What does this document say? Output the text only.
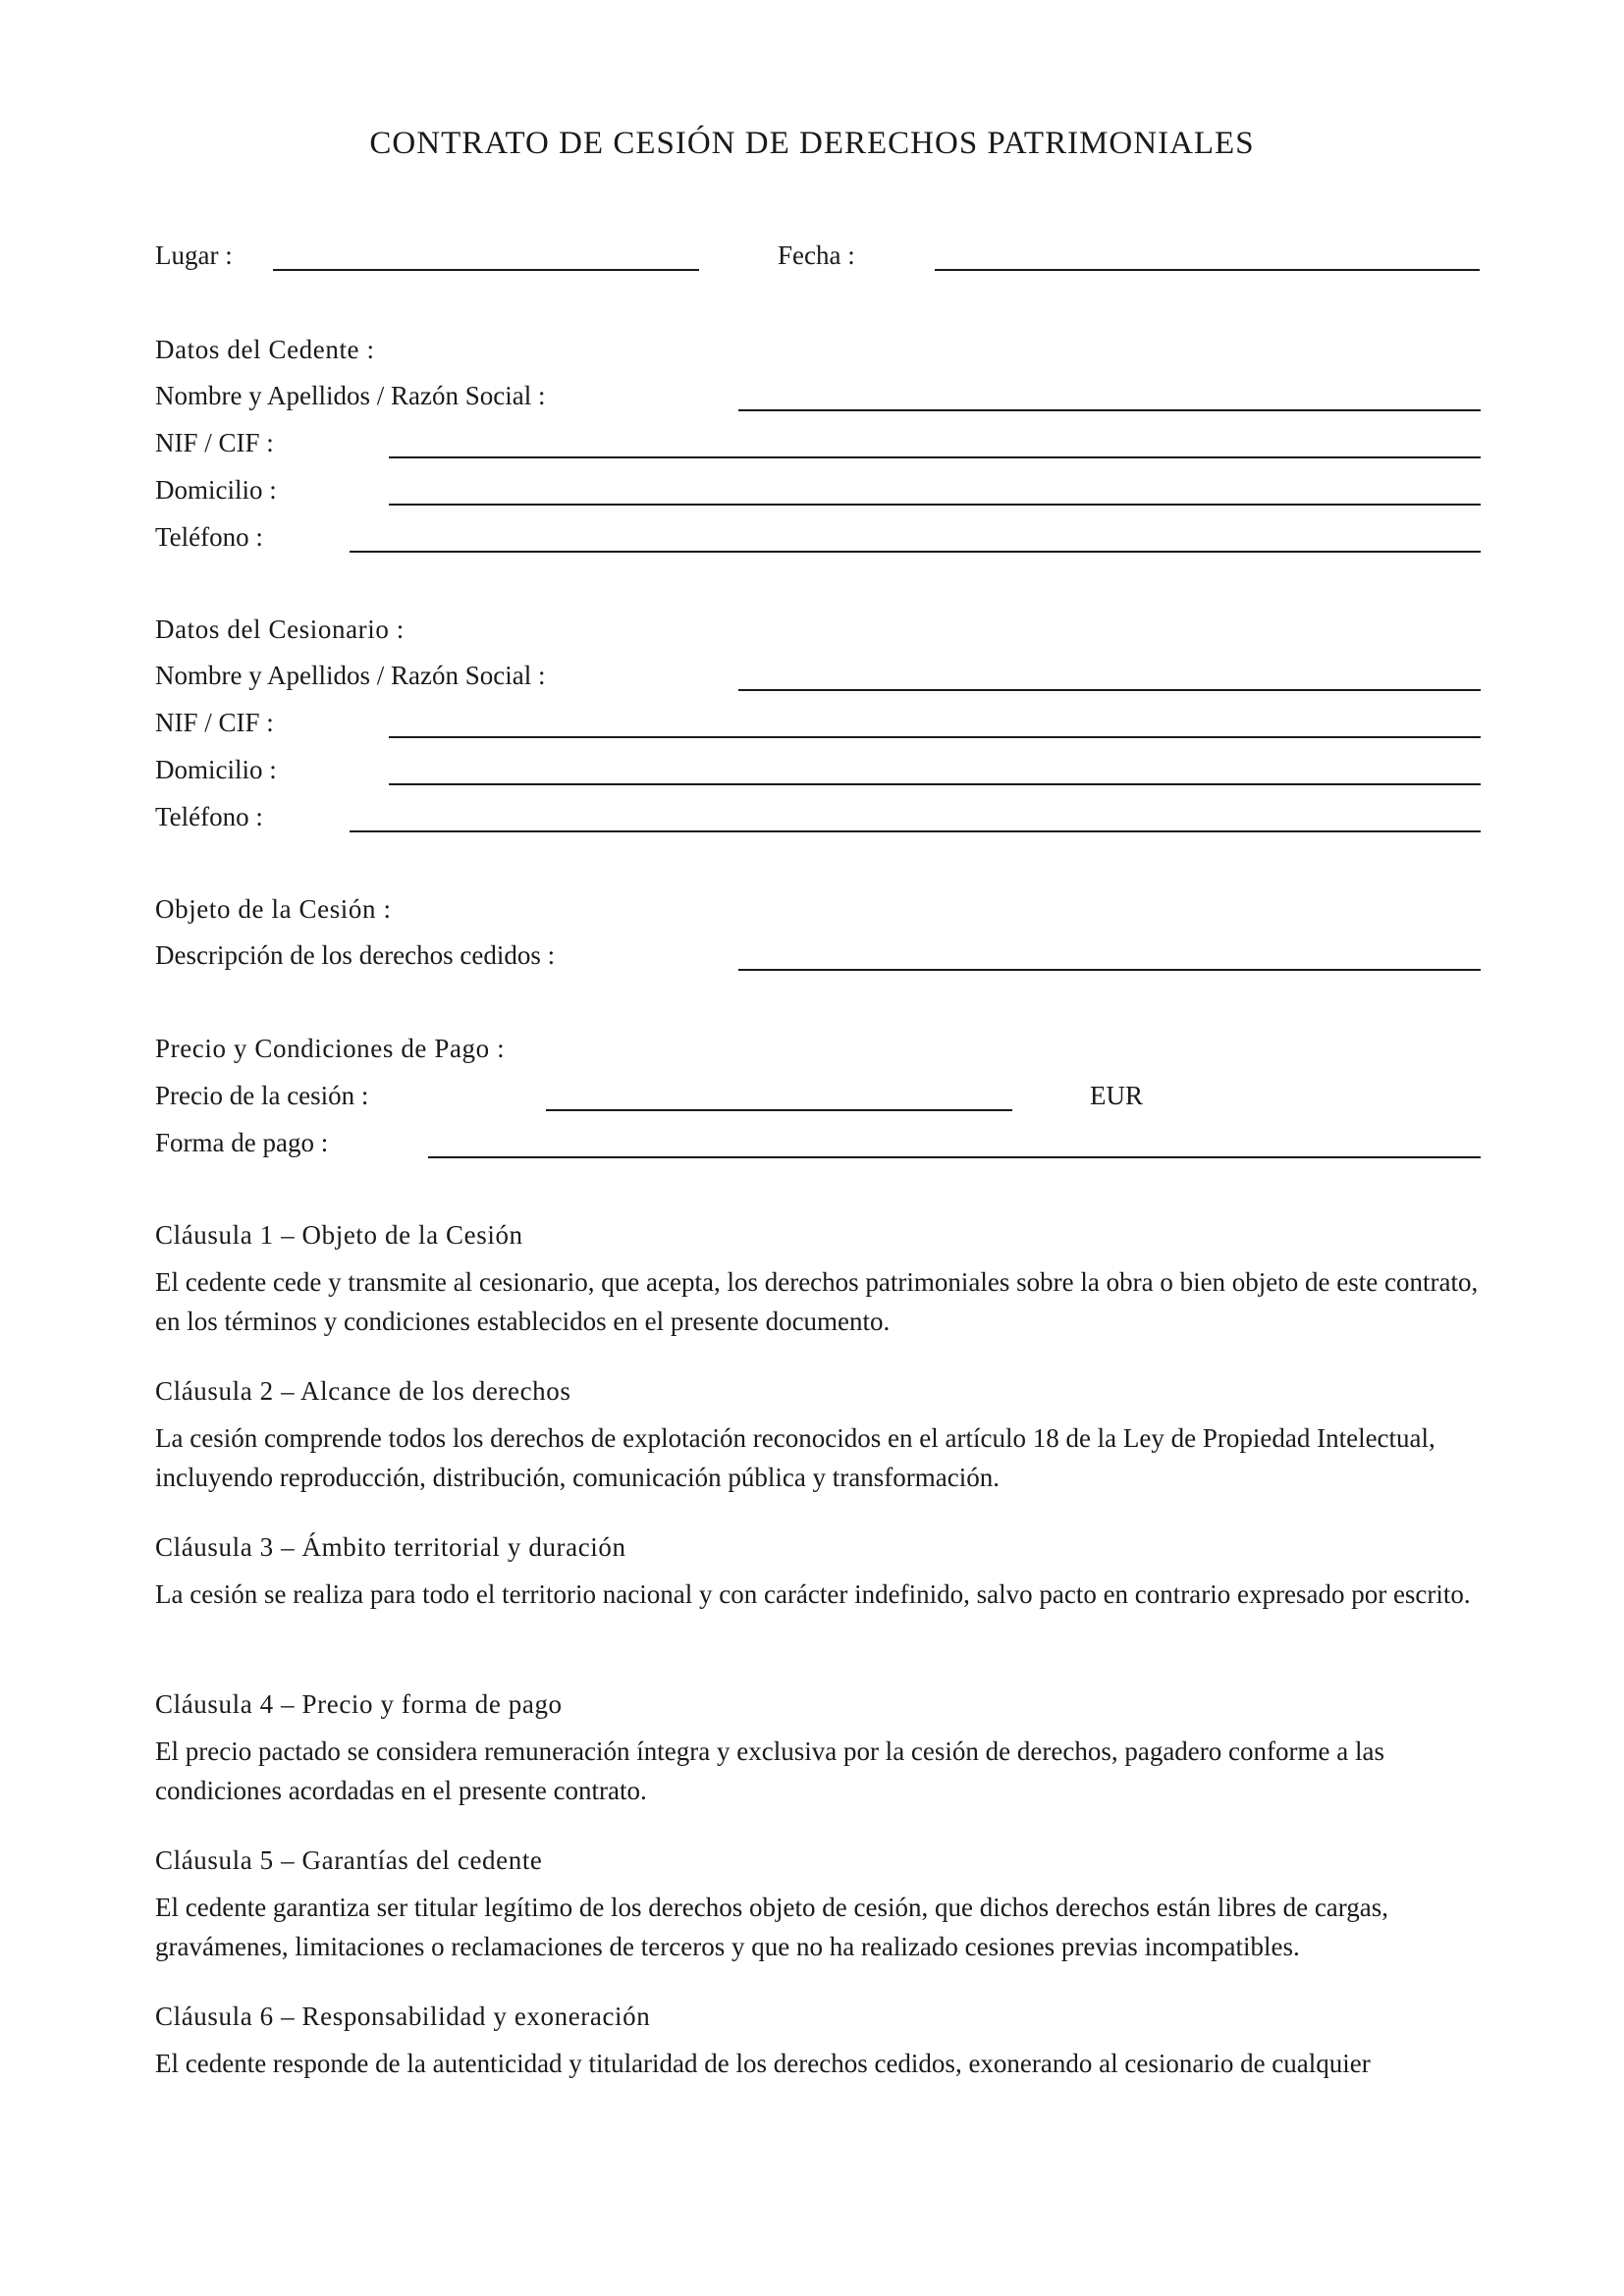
CONTRATO DE CESIÓN DE DERECHOS PATRIMONIALES
Lugar :	Fecha :
Datos del Cedente :
Nombre y Apellidos / Razón Social :
NIF / CIF :
Domicilio :
Teléfono :
Datos del Cesionario :
Nombre y Apellidos / Razón Social :
NIF / CIF :
Domicilio :
Teléfono :
Objeto de la Cesión :
Descripción de los derechos cedidos :
Precio y Condiciones de Pago :
Precio de la cesión :	EUR
Forma de pago :
Cláusula 1 – Objeto de la Cesión
El cedente cede y transmite al cesionario, que acepta, los derechos patrimoniales sobre la obra o bien objeto de este contrato, en los términos y condiciones establecidos en el presente documento.
Cláusula 2 – Alcance de los derechos
La cesión comprende todos los derechos de explotación reconocidos en el artículo 18 de la Ley de Propiedad Intelectual, incluyendo reproducción, distribución, comunicación pública y transformación.
Cláusula 3 – Ámbito territorial y duración
La cesión se realiza para todo el territorio nacional y con carácter indefinido, salvo pacto en contrario expresado por escrito.
Cláusula 4 – Precio y forma de pago
El precio pactado se considera remuneración íntegra y exclusiva por la cesión de derechos, pagadero conforme a las condiciones acordadas en el presente contrato.
Cláusula 5 – Garantías del cedente
El cedente garantiza ser titular legítimo de los derechos objeto de cesión, que dichos derechos están libres de cargas, gravámenes, limitaciones o reclamaciones de terceros y que no ha realizado cesiones previas incompatibles.
Cláusula 6 – Responsabilidad y exoneración
El cedente responde de la autenticidad y titularidad de los derechos cedidos, exonerando al cesionario de cualquier
